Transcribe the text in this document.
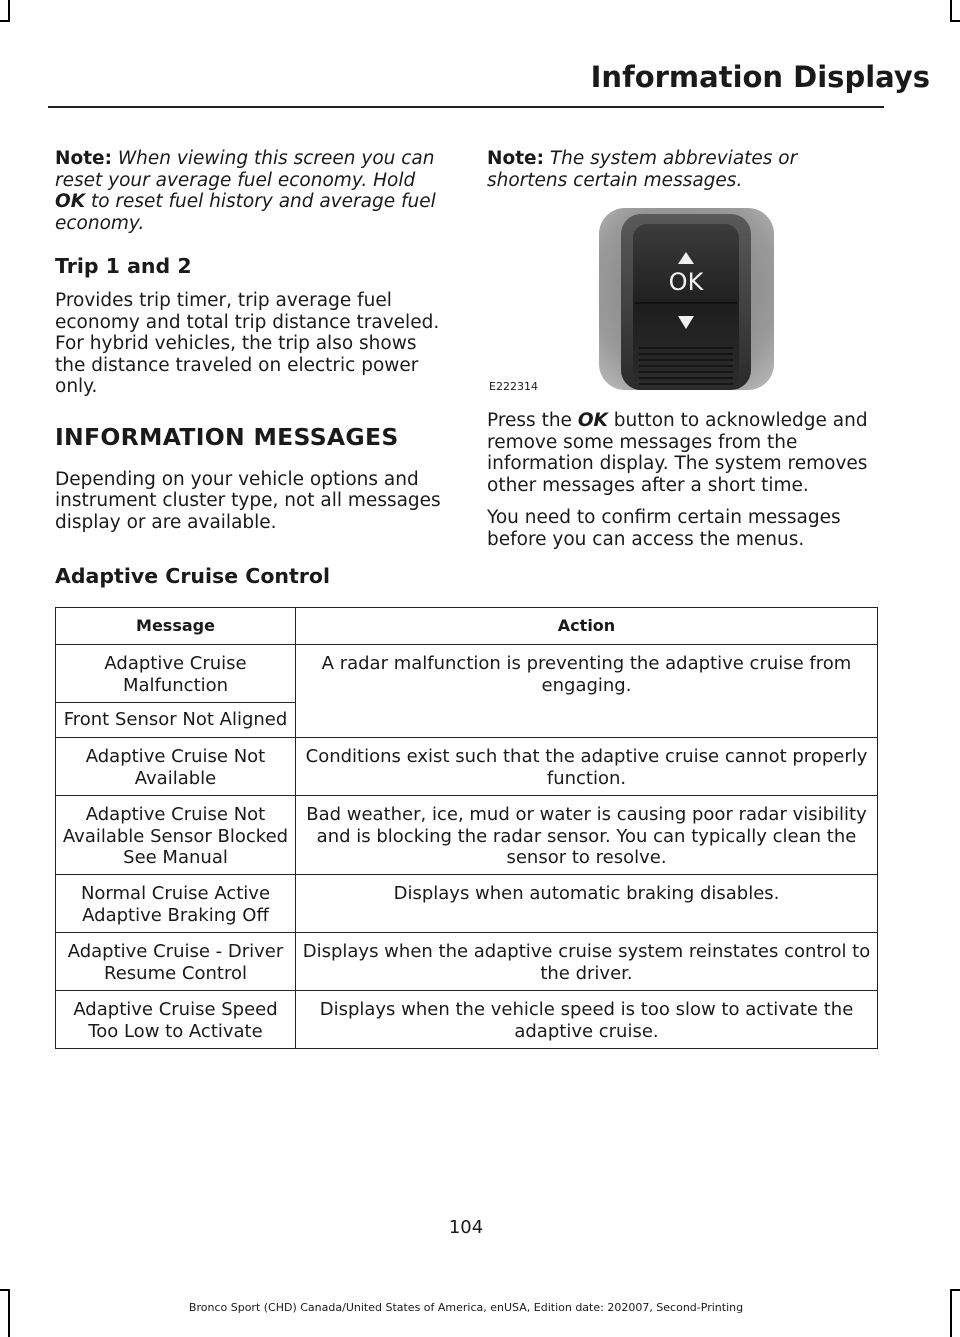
Information Displays

Note: When viewing this screen you can reset your average fuel economy. Hold OK to reset fuel history and average fuel economy.

Trip 1 and 2

Provides trip timer, trip average fuel economy and total trip distance traveled. For hybrid vehicles, the trip also shows the distance traveled on electric power only.

INFORMATION MESSAGES

Depending on your vehicle options and instrument cluster type, not all messages display or are available.

Note: The system abbreviates or shortens certain messages.

OK
E222314

Press the OK button to acknowledge and remove some messages from the information display. The system removes other messages after a short time.

You need to confirm certain messages before you can access the menus.

Adaptive Cruise Control
Message	Action
Adaptive Cruise Malfunction	A radar malfunction is preventing the adaptive cruise from engaging.
Front Sensor Not Aligned	
Adaptive Cruise Not Available	Conditions exist such that the adaptive cruise cannot properly function.
Adaptive Cruise Not Available Sensor Blocked See Manual	Bad weather, ice, mud or water is causing poor radar visibility and is blocking the radar sensor. You can typically clean the sensor to resolve.
Normal Cruise Active Adaptive Braking Off	Displays when automatic braking disables.
Adaptive Cruise - Driver Resume Control	Displays when the adaptive cruise system reinstates control to the driver.
Adaptive Cruise Speed Too Low to Activate	Displays when the vehicle speed is too slow to activate the adaptive cruise.
104
Bronco Sport (CHD) Canada/United States of America, enUSA, Edition date: 202007, Second-Printing
